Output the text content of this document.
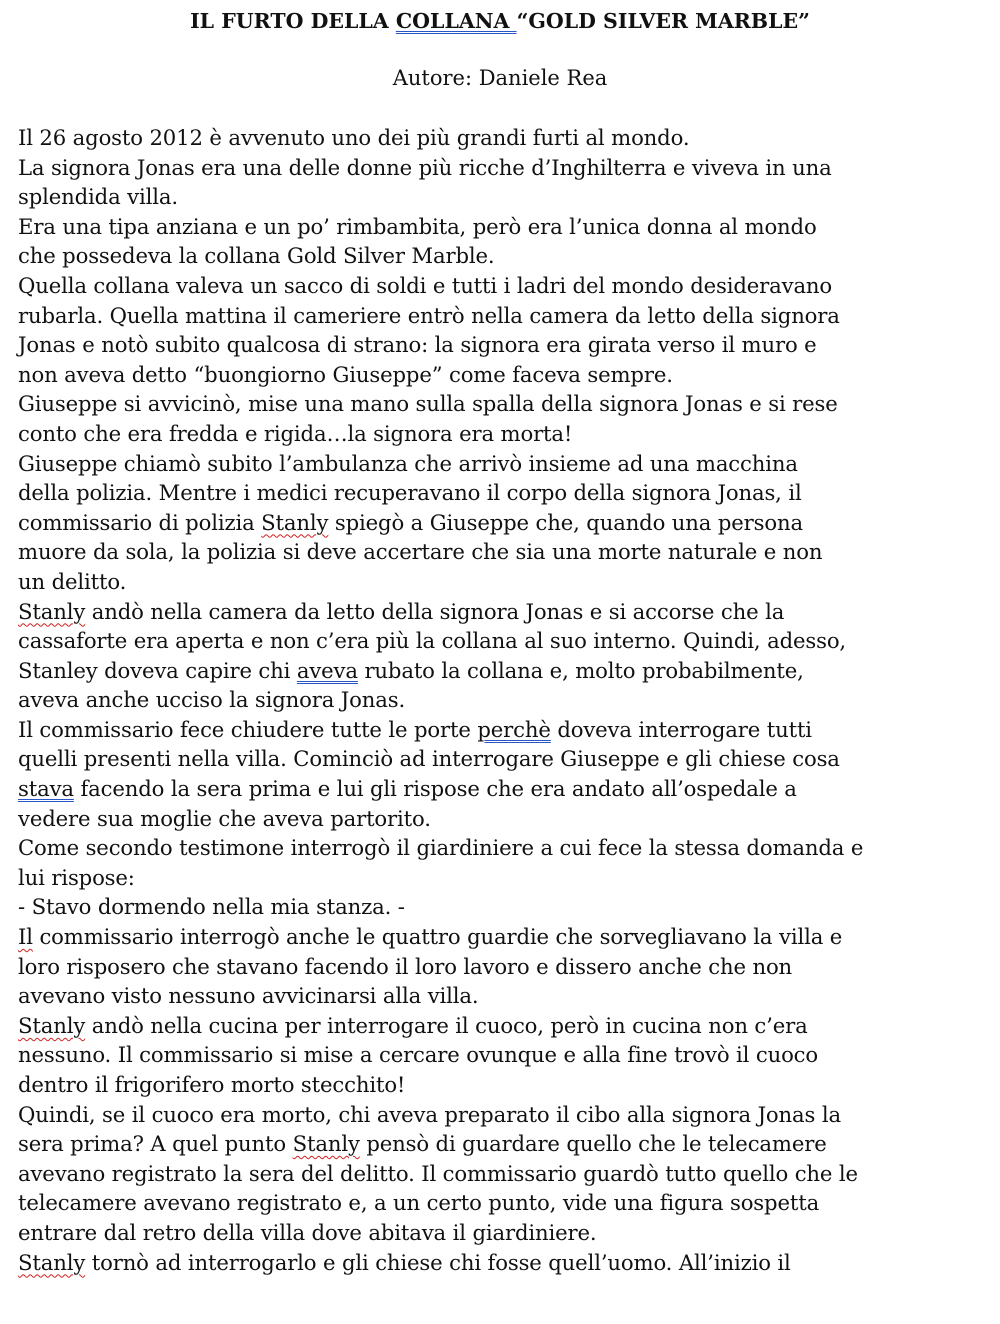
IL FURTO DELLA COLLANA “GOLD SILVER MARBLE”
Autore: Daniele Rea
Il 26 agosto 2012 è avvenuto uno dei più grandi furti al mondo.
La signora Jonas era una delle donne più ricche d’Inghilterra e viveva in una
splendida villa.
Era una tipa anziana e un po’ rimbambita, però era l’unica donna al mondo
che possedeva la collana Gold Silver Marble.
Quella collana valeva un sacco di soldi e tutti i ladri del mondo desideravano
rubarla. Quella mattina il cameriere entrò nella camera da letto della signora
Jonas e notò subito qualcosa di strano: la signora era girata verso il muro e
non aveva detto “buongiorno Giuseppe” come faceva sempre.
Giuseppe si avvicinò, mise una mano sulla spalla della signora Jonas e si rese
conto che era fredda e rigida…la signora era morta!
Giuseppe chiamò subito l’ambulanza che arrivò insieme ad una macchina
della polizia. Mentre i medici recuperavano il corpo della signora Jonas, il
commissario di polizia Stanly spiegò a Giuseppe che, quando una persona
muore da sola, la polizia si deve accertare che sia una morte naturale e non
un delitto.
Stanly andò nella camera da letto della signora Jonas e si accorse che la
cassaforte era aperta e non c’era più la collana al suo interno. Quindi, adesso,
Stanley doveva capire chi aveva rubato la collana e, molto probabilmente,
aveva anche ucciso la signora Jonas.
Il commissario fece chiudere tutte le porte perchè doveva interrogare tutti
quelli presenti nella villa. Cominciò ad interrogare Giuseppe e gli chiese cosa
stava facendo la sera prima e lui gli rispose che era andato all’ospedale a
vedere sua moglie che aveva partorito.
Come secondo testimone interrogò il giardiniere a cui fece la stessa domanda e
lui rispose:
- Stavo dormendo nella mia stanza. -
Il commissario interrogò anche le quattro guardie che sorvegliavano la villa e
loro risposero che stavano facendo il loro lavoro e dissero anche che non
avevano visto nessuno avvicinarsi alla villa.
Stanly andò nella cucina per interrogare il cuoco, però in cucina non c’era
nessuno. Il commissario si mise a cercare ovunque e alla fine trovò il cuoco
dentro il frigorifero morto stecchito!
Quindi, se il cuoco era morto, chi aveva preparato il cibo alla signora Jonas la
sera prima? A quel punto Stanly pensò di guardare quello che le telecamere
avevano registrato la sera del delitto. Il commissario guardò tutto quello che le
telecamere avevano registrato e, a un certo punto, vide una figura sospetta
entrare dal retro della villa dove abitava il giardiniere.
Stanly tornò ad interrogarlo e gli chiese chi fosse quell’uomo. All’inizio il
